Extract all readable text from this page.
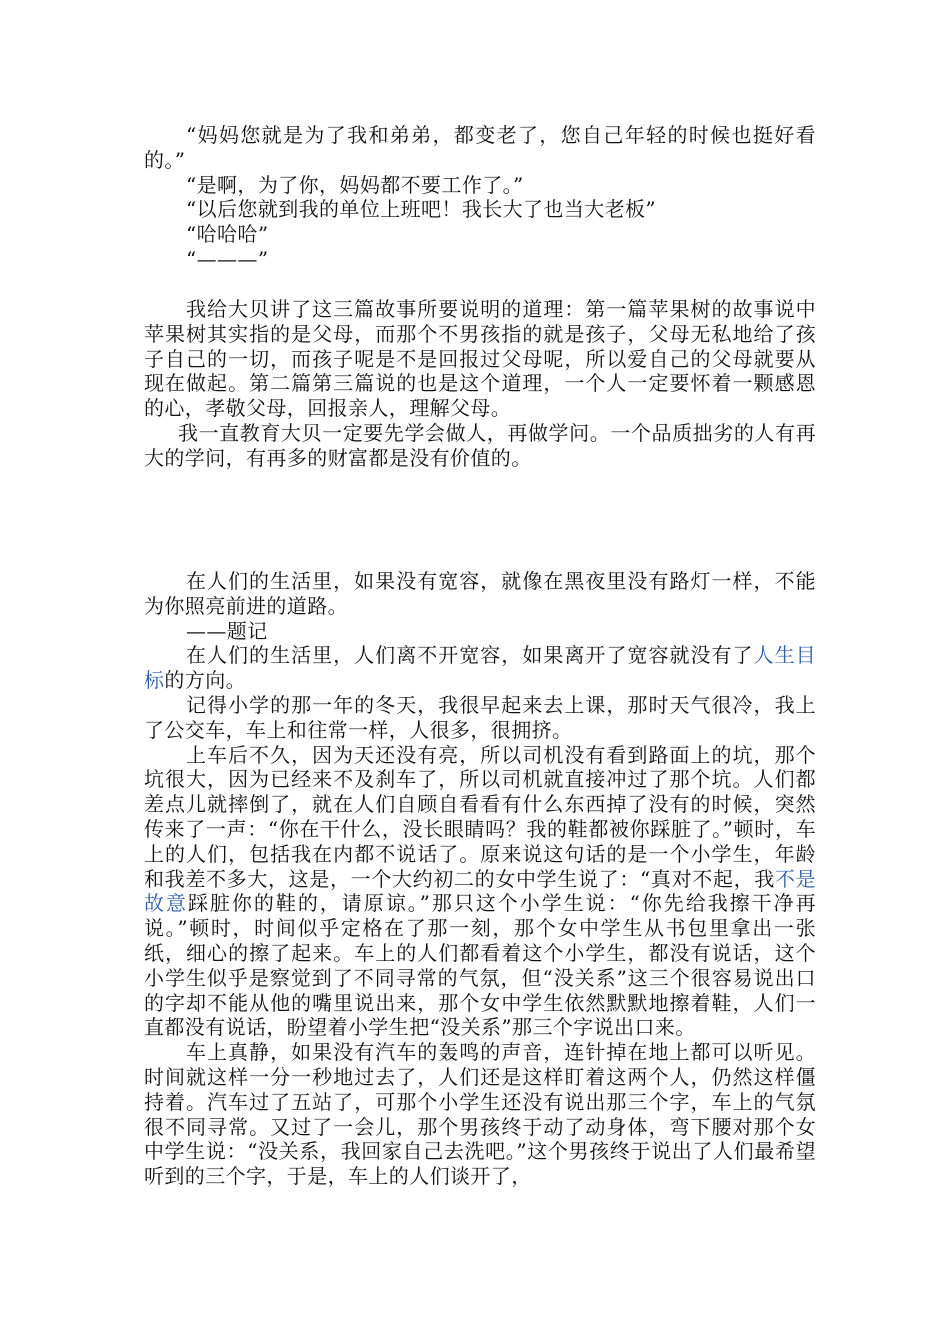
“妈妈您就是为了我和弟弟，都变老了，您自己年轻的时候也挺好看的。”

“是啊，为了你，妈妈都不要工作了。”

“以后您就到我的单位上班吧！我长大了也当大老板”

“哈哈哈”

“———”

我给大贝讲了这三篇故事所要说明的道理：第一篇苹果树的故事说中苹果树其实指的是父母，而那个不男孩指的就是孩子，父母无私地给了孩子自己的一切，而孩子呢是不是回报过父母呢，所以爱自己的父母就要从现在做起。第二篇第三篇说的也是这个道理，一个人一定要怀着一颗感恩的心，孝敬父母，回报亲人，理解父母。

我一直教育大贝一定要先学会做人，再做学问。一个品质拙劣的人有再大的学问，有再多的财富都是没有价值的。

在人们的生活里，如果没有宽容，就像在黑夜里没有路灯一样，不能为你照亮前进的道路。

——题记

在人们的生活里，人们离不开宽容，如果离开了宽容就没有了人生目标的方向。

记得小学的那一年的冬天，我很早起来去上课，那时天气很冷，我上了公交车，车上和往常一样，人很多，很拥挤。

上车后不久，因为天还没有亮，所以司机没有看到路面上的坑，那个坑很大，因为已经来不及刹车了，所以司机就直接冲过了那个坑。人们都差点儿就摔倒了，就在人们自顾自看看有什么东西掉了没有的时候，突然传来了一声：“你在干什么，没长眼睛吗？我的鞋都被你踩脏了。”顿时，车上的人们，包括我在内都不说话了。原来说这句话的是一个小学生，年龄和我差不多大，这是，一个大约初二的女中学生说了：“真对不起，我不是故意踩脏你的鞋的，请原谅。”那只这个小学生说：“你先给我擦干净再说。”顿时，时间似乎定格在了那一刻，那个女中学生从书包里拿出一张纸，细心的擦了起来。车上的人们都看着这个小学生，都没有说话，这个小学生似乎是察觉到了不同寻常的气氛，但“没关系”这三个很容易说出口的字却不能从他的嘴里说出来，那个女中学生依然默默地擦着鞋，人们一直都没有说话，盼望着小学生把“没关系”那三个字说出口来。

车上真静，如果没有汽车的轰鸣的声音，连针掉在地上都可以听见。时间就这样一分一秒地过去了，人们还是这样盯着这两个人，仍然这样僵持着。汽车过了五站了，可那个小学生还没有说出那三个字，车上的气氛很不同寻常。又过了一会儿，那个男孩终于动了动身体，弯下腰对那个女中学生说：“没关系，我回家自己去洗吧。”这个男孩终于说出了人们最希望听到的三个字，于是，车上的人们谈开了，
